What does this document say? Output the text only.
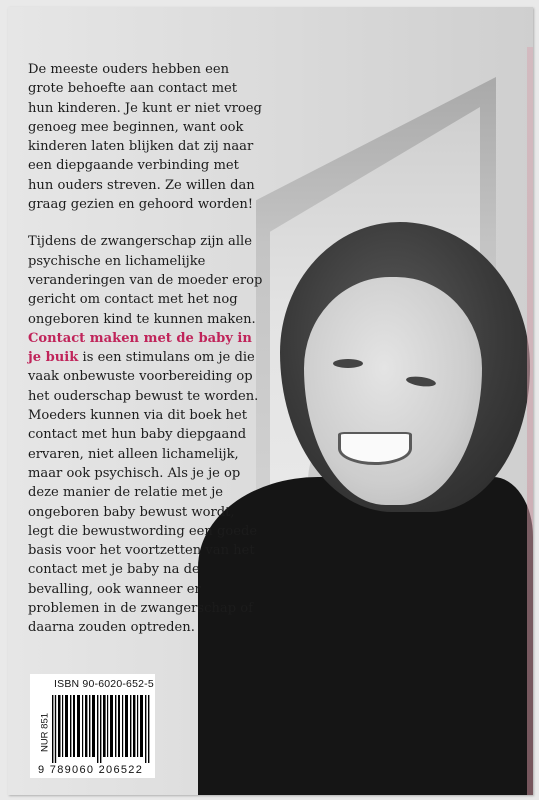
De meeste ouders hebben een grote behoefte aan contact met hun kinderen. Je kunt er niet vroeg genoeg mee beginnen, want ook kinderen laten blijken dat zij naar een diepgaande verbinding met hun ouders streven. Ze willen dan graag gezien en gehoord worden!

Tijdens de zwangerschap zijn alle psychische en lichamelijke veranderingen van de moeder erop gericht om contact met het nog ongeboren kind te kunnen maken. Contact maken met de baby in je buik is een stimulans om je die vaak onbewuste voorbereiding op het ouderschap bewust te worden. Moeders kunnen via dit boek het contact met hun baby diepgaand ervaren, niet alleen lichamelijk, maar ook psychisch. Als je je op deze manier de relatie met je ongeboren baby bewust wordt, legt die bewustwording een goede basis voor het voortzetten van het contact met je baby na de bevalling, ook wanneer er problemen in de zwangerschap of daarna zouden optreden.

ISBN 90-6020-652-5
NUR 851
9 789060 206522
